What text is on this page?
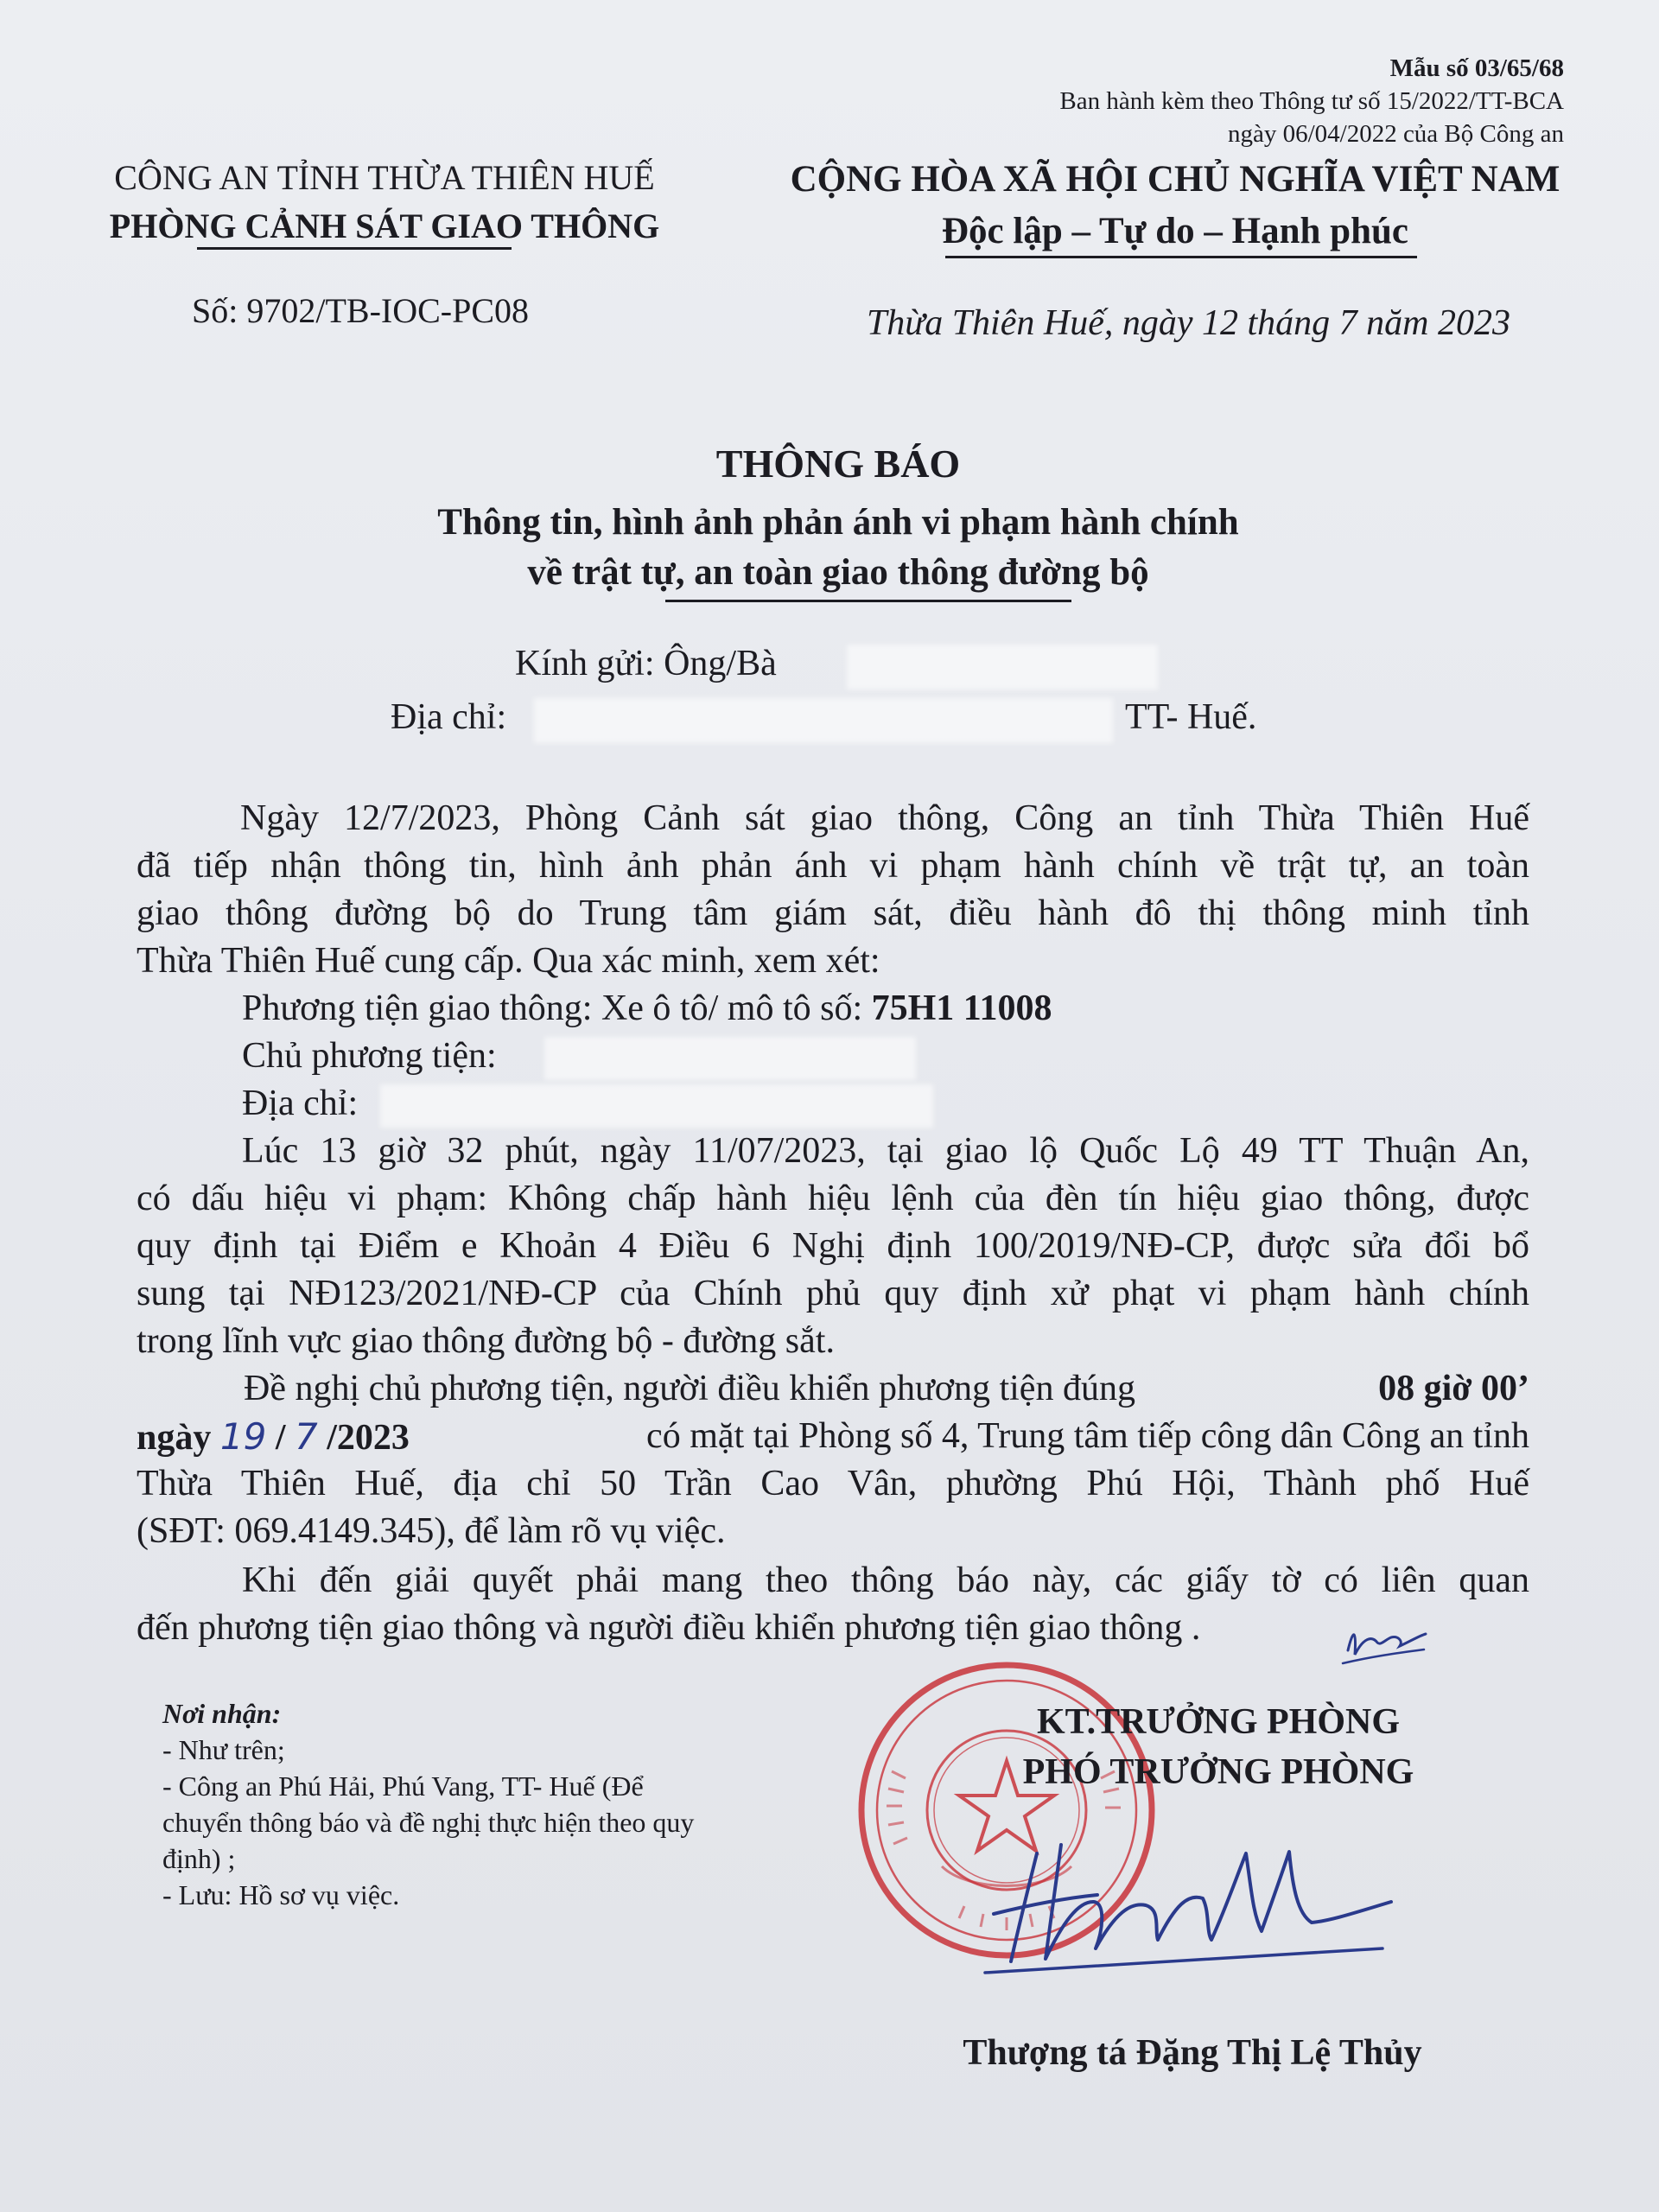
Mẫu số 03/65/68
Ban hành kèm theo Thông tư số 15/2022/TT-BCA
ngày 06/04/2022 của Bộ Công an
CÔNG AN TỈNH THỪA THIÊN HUẾ
PHÒNG CẢNH SÁT GIAO THÔNG
CỘNG HÒA XÃ HỘI CHỦ NGHĨA VIỆT NAM
Độc lập – Tự do – Hạnh phúc
Số: 9702/TB-IOC-PC08	Thừa Thiên Huế, ngày 12 tháng 7 năm 2023
THÔNG BÁO
Thông tin, hình ảnh phản ánh vi phạm hành chính
về trật tự, an toàn giao thông đường bộ
Kính gửi: Ông/Bà
Địa chỉ:	TT- Huế.
Ngày 12/7/2023, Phòng Cảnh sát giao thông, Công an tỉnh Thừa Thiên Huế
đã tiếp nhận thông tin, hình ảnh phản ánh vi phạm hành chính về trật tự, an toàn
giao thông đường bộ do Trung tâm giám sát, điều hành đô thị thông minh tỉnh
Thừa Thiên Huế cung cấp. Qua xác minh, xem xét:
Phương tiện giao thông: Xe ô tô/ mô tô số: 75H1 11008
Chủ phương tiện:
Địa chỉ:
Lúc 13 giờ 32 phút, ngày 11/07/2023, tại giao lộ Quốc Lộ 49 TT Thuận An,
có dấu hiệu vi phạm: Không chấp hành hiệu lệnh của đèn tín hiệu giao thông, được
quy định tại Điểm e Khoản 4 Điều 6 Nghị định 100/2019/NĐ-CP, được sửa đổi bổ
sung tại NĐ123/2021/NĐ-CP của Chính phủ quy định xử phạt vi phạm hành chính
trong lĩnh vực giao thông đường bộ - đường sắt.
Đề nghị chủ phương tiện, người điều khiển phương tiện đúng	08 giờ 00’
ngày 19 / 7 /2023	có mặt tại Phòng số 4, Trung tâm tiếp công dân Công an tỉnh
Thừa Thiên Huế, địa chỉ 50 Trần Cao Vân, phường Phú Hội, Thành phố Huế
(SĐT: 069.4149.345), để làm rõ vụ việc.
Khi đến giải quyết phải mang theo thông báo này, các giấy tờ có liên quan
đến phương tiện giao thông và người điều khiển phương tiện giao thông .
Nơi nhận:
- Như trên;
- Công an Phú Hải, Phú Vang, TT- Huế (Để
chuyển thông báo và đề nghị thực hiện theo quy
định) ;
- Lưu: Hồ sơ vụ việc.
KT.TRƯỞNG PHÒNG
PHÓ TRƯỞNG PHÒNG
Thượng tá Đặng Thị Lệ Thủy
